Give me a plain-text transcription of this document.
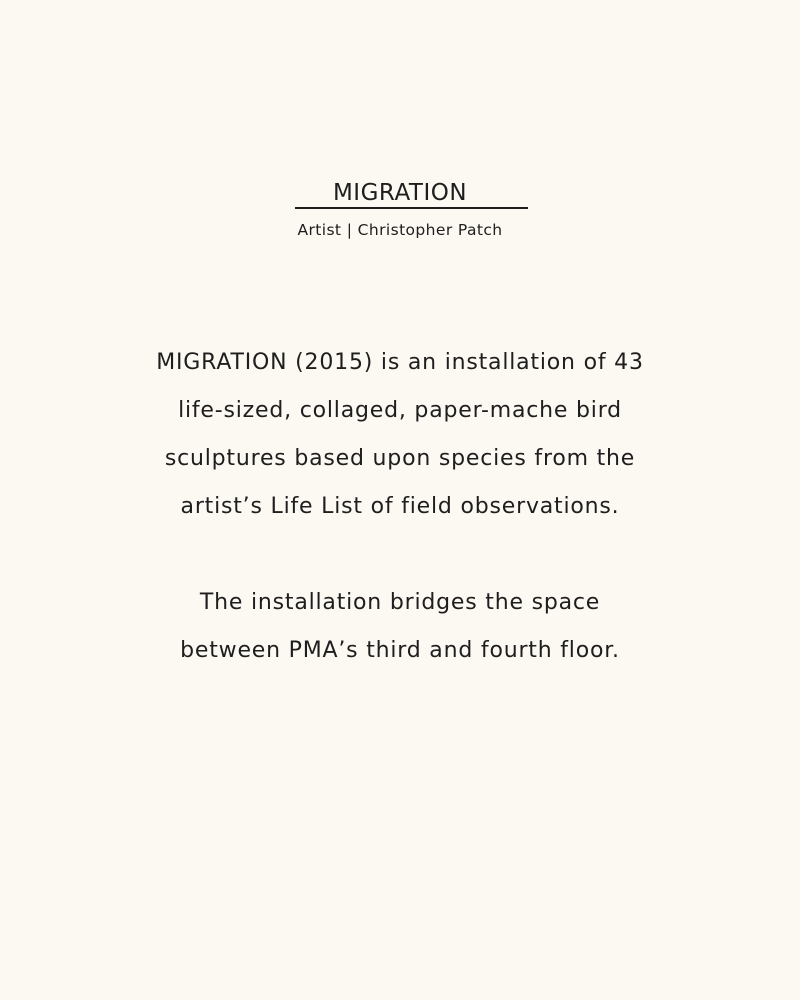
MIGRATION
Artist | Christopher Patch

MIGRATION (2015) is an installation of 43
life-sized, collaged, paper-mache bird
sculptures based upon species from the
artist’s Life List of field observations.

The installation bridges the space
between PMA’s third and fourth floor.
